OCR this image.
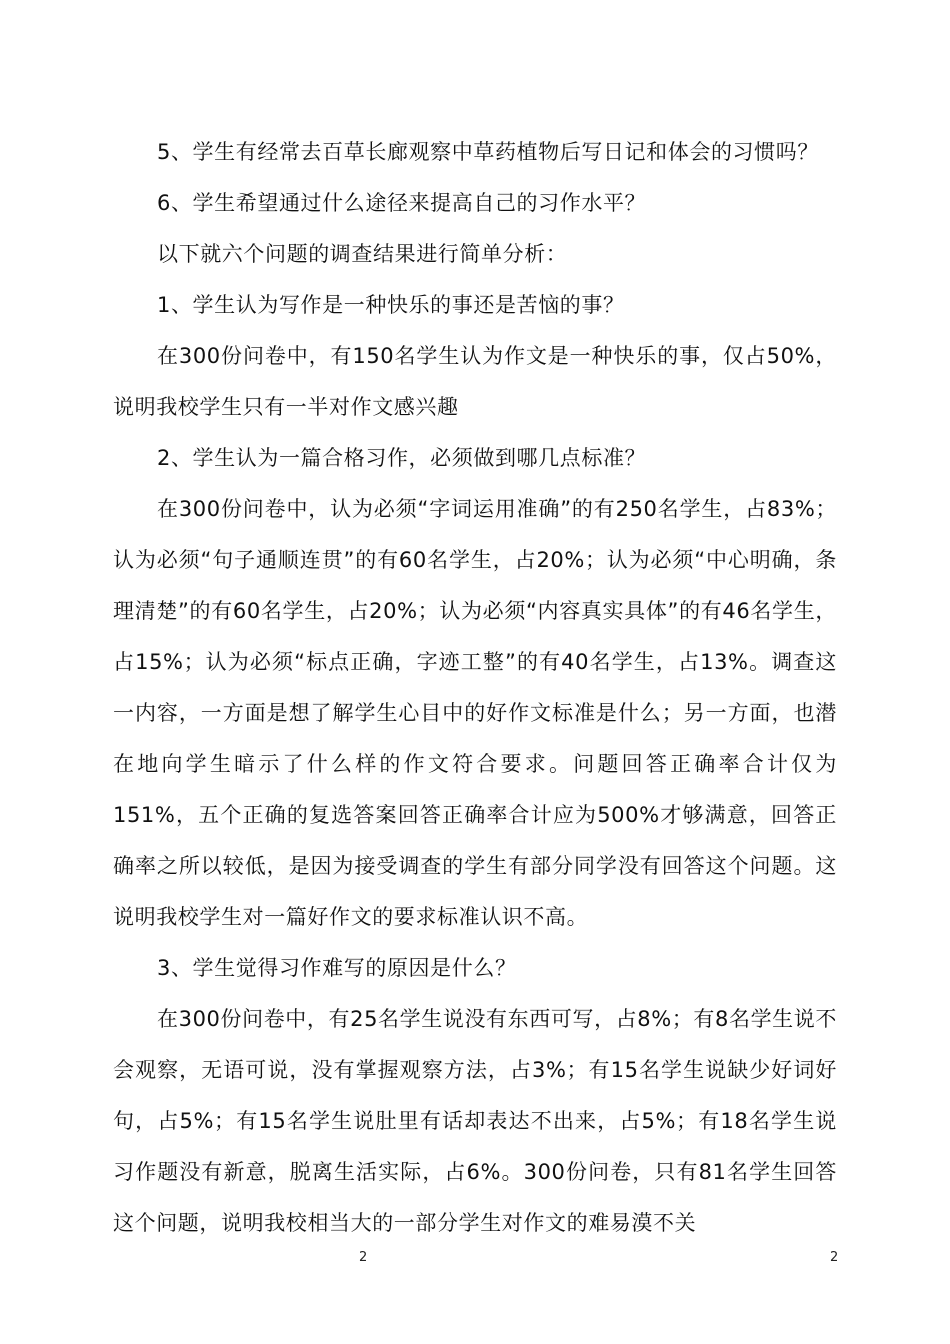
5、学生有经常去百草长廊观察中草药植物后写日记和体会的习惯吗？

6、学生希望通过什么途径来提高自己的习作水平？

以下就六个问题的调查结果进行简单分析：

1、学生认为写作是一种快乐的事还是苦恼的事？

在300份问卷中，有150名学生认为作文是一种快乐的事，仅占50%，说明我校学生只有一半对作文感兴趣

2、学生认为一篇合格习作，必须做到哪几点标准？

在300份问卷中，认为必须“字词运用准确”的有250名学生，占83%；认为必须“句子通顺连贯”的有60名学生，占20%；认为必须“中心明确，条理清楚”的有60名学生，占20%；认为必须“内容真实具体”的有46名学生，占15%；认为必须“标点正确，字迹工整”的有40名学生，占13%。调查这一内容，一方面是想了解学生心目中的好作文标准是什么；另一方面，也潜在地向学生暗示了什么样的作文符合要求。问题回答正确率合计仅为151%，五个正确的复选答案回答正确率合计应为500%才够满意，回答正确率之所以较低，是因为接受调查的学生有部分同学没有回答这个问题。这说明我校学生对一篇好作文的要求标准认识不高。

3、学生觉得习作难写的原因是什么？

在300份问卷中，有25名学生说没有东西可写，占8%；有8名学生说不会观察，无语可说，没有掌握观察方法，占3%；有15名学生说缺少好词好句，占5%；有15名学生说肚里有话却表达不出来，占5%；有18名学生说习作题没有新意，脱离生活实际，占6%。300份问卷，只有81名学生回答这个问题，说明我校相当大的一部分学生对作文的难易漠不关

2	2
